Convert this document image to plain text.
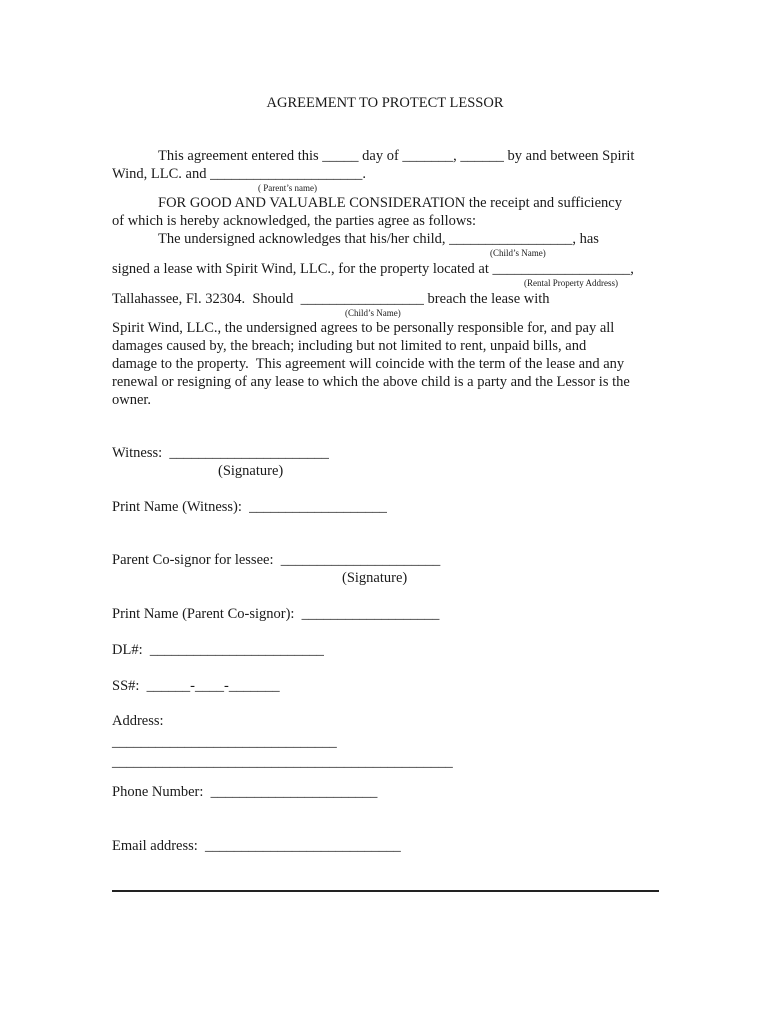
AGREEMENT TO PROTECT LESSOR
This agreement entered this _____ day of _______, ______ by and between Spirit
Wind, LLC. and _____________________.
( Parent’s name)
FOR GOOD AND VALUABLE CONSIDERATION the receipt and sufficiency
of which is hereby acknowledged, the parties agree as follows:
The undersigned acknowledges that his/her child, _________________, has
(Child’s Name)
signed a lease with Spirit Wind, LLC., for the property located at ___________________,
(Rental Property Address)
Tallahassee, Fl. 32304.  Should  _________________ breach the lease with
(Child’s Name)
Spirit Wind, LLC., the undersigned agrees to be personally responsible for, and pay all
damages caused by, the breach; including but not limited to rent, unpaid bills, and
damage to the property.  This agreement will coincide with the term of the lease and any
renewal or resigning of any lease to which the above child is a party and the Lessor is the
owner.
Witness:  ______________________
(Signature)
Print Name (Witness):  ___________________
Parent Co-signor for lessee:  ______________________
(Signature)
Print Name (Parent Co-signor):  ___________________
DL#:  ________________________
SS#:  ______-____-_______
Address:
_______________________________
_______________________________________________
Phone Number:  _______________________
Email address:  ___________________________
